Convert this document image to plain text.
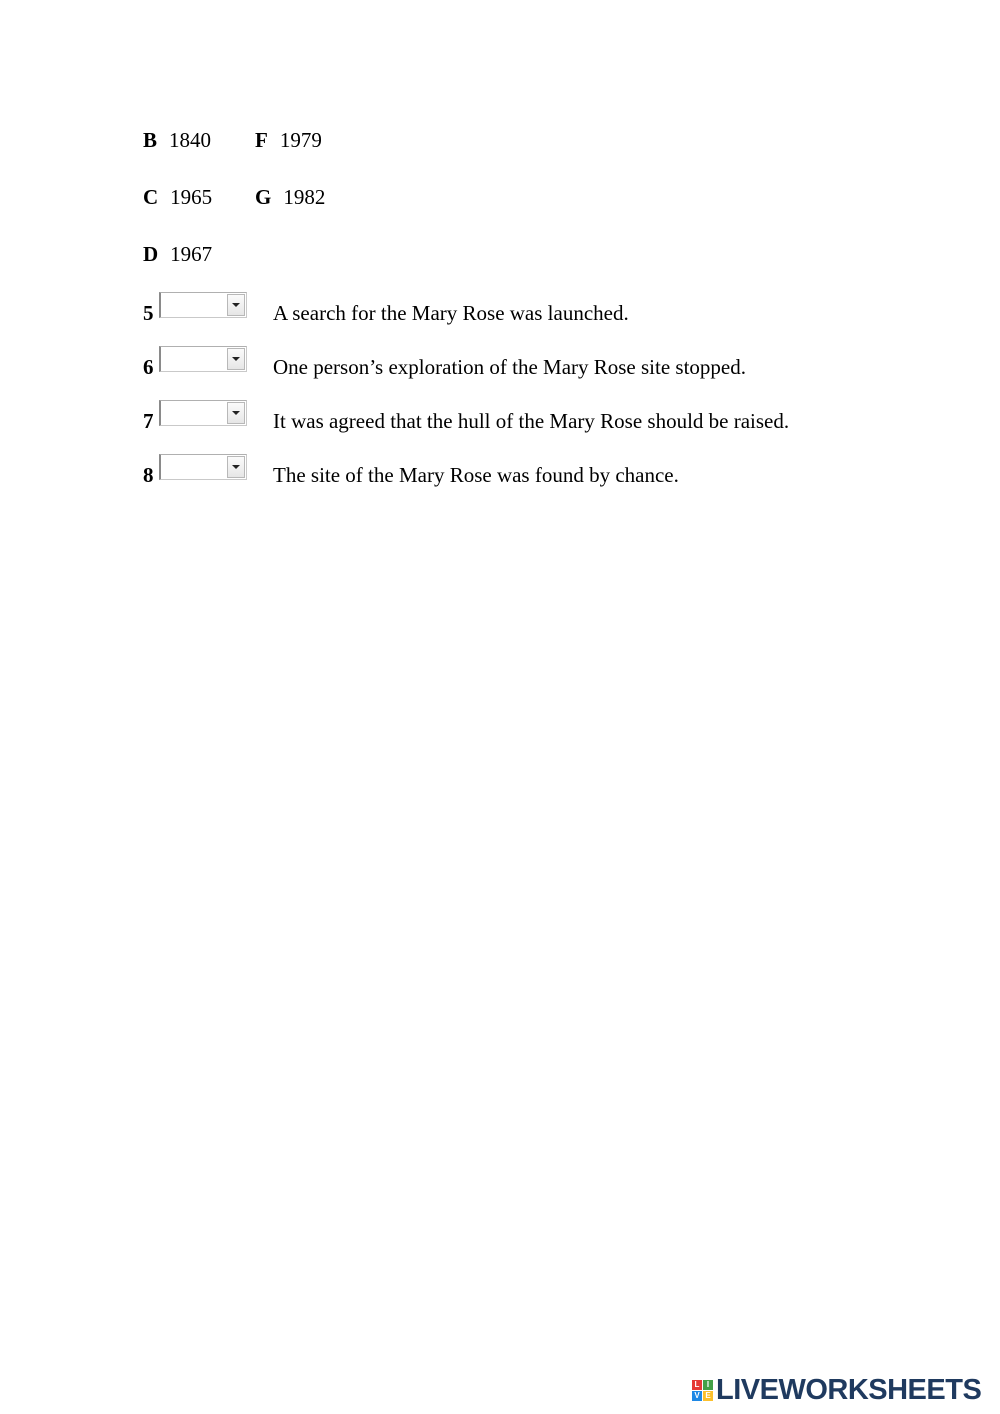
B 1840 F 1979
C 1965 G 1982
D 1967
5	A search for the Mary Rose was launched.
6	One person’s exploration of the Mary Rose site stopped.
7	It was agreed that the hull of the Mary Rose should be raised.
8	The site of the Mary Rose was found by chance.
L I
V E LIVEWORKSHEETS
